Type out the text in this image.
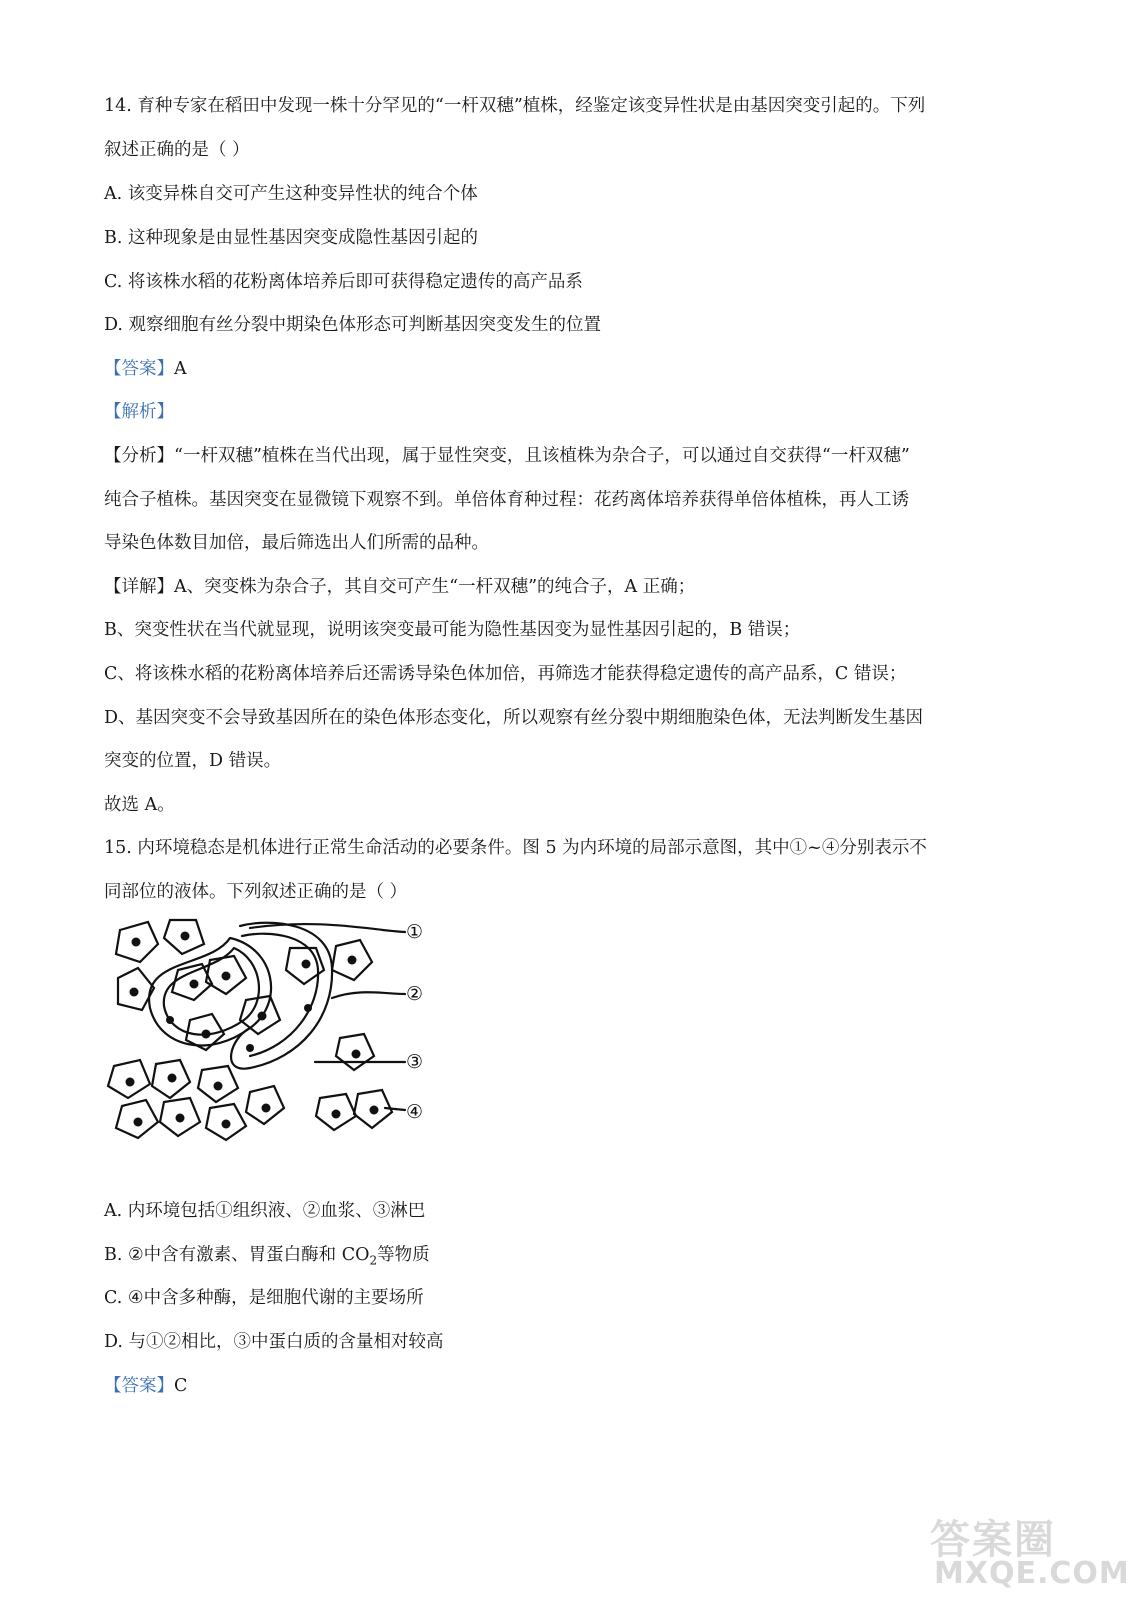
14. 育种专家在稻田中发现一株十分罕见的“一杆双穗”植株，经鉴定该变异性状是由基因突变引起的。下列
叙述正确的是（ ）
A. 该变异株自交可产生这种变异性状的纯合个体
B. 这种现象是由显性基因突变成隐性基因引起的
C. 将该株水稻的花粉离体培养后即可获得稳定遗传的高产品系
D. 观察细胞有丝分裂中期染色体形态可判断基因突变发生的位置
【答案】A
【解析】
【分析】“一杆双穗”植株在当代出现，属于显性突变，且该植株为杂合子，可以通过自交获得“一杆双穗”
纯合子植株。基因突变在显微镜下观察不到。单倍体育种过程：花药离体培养获得单倍体植株，再人工诱
导染色体数目加倍，最后筛选出人们所需的品种。
【详解】A、突变株为杂合子，其自交可产生“一杆双穗”的纯合子，A 正确；
B、突变性状在当代就显现，说明该突变最可能为隐性基因变为显性基因引起的，B 错误；
C、将该株水稻的花粉离体培养后还需诱导染色体加倍，再筛选才能获得稳定遗传的高产品系，C 错误；
D、基因突变不会导致基因所在的染色体形态变化，所以观察有丝分裂中期细胞染色体，无法判断发生基因
突变的位置，D 错误。
故选 A。
15. 内环境稳态是机体进行正常生命活动的必要条件。图 5 为内环境的局部示意图，其中①~④分别表示不
同部位的液体。下列叙述正确的是（ ）
①
②
③
④
A. 内环境包括①组织液、②血浆、③淋巴
B. ②中含有激素、胃蛋白酶和 $CO_2$等物质
C. ④中含多种酶，是细胞代谢的主要场所
D. 与①②相比，③中蛋白质的含量相对较高
【答案】C
答案圈
MXQE.COM
